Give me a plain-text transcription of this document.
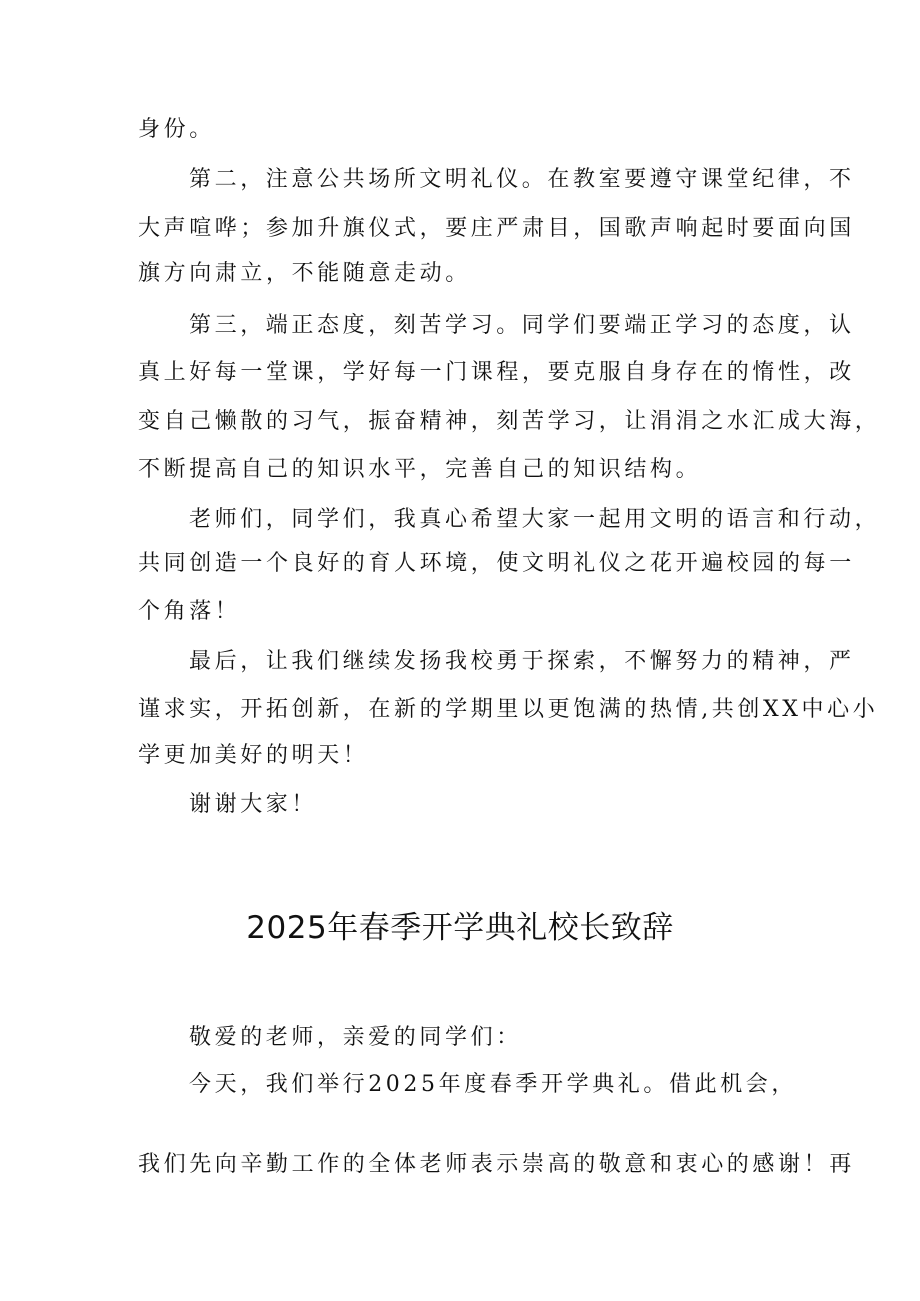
身份。
第二，注意公共场所文明礼仪。在教室要遵守课堂纪律，不
大声喧哗；参加升旗仪式，要庄严肃目，国歌声响起时要面向国
旗方向肃立，不能随意走动。
第三，端正态度，刻苦学习。同学们要端正学习的态度，认
真上好每一堂课，学好每一门课程，要克服自身存在的惰性，改
变自己懒散的习气，振奋精神，刻苦学习，让涓涓之水汇成大海，
不断提高自己的知识水平，完善自己的知识结构。
老师们，同学们，我真心希望大家一起用文明的语言和行动，
共同创造一个良好的育人环境，使文明礼仪之花开遍校园的每一
个角落！
最后，让我们继续发扬我校勇于探索，不懈努力的精神，严
谨求实，开拓创新，在新的学期里以更饱满的热情,共创XX中心小
学更加美好的明天！
谢谢大家！
2025年春季开学典礼校长致辞
敬爱的老师，亲爱的同学们：
今天，我们举行2025年度春季开学典礼。借此机会，
我们先向辛勤工作的全体老师表示崇高的敬意和衷心的感谢！再
